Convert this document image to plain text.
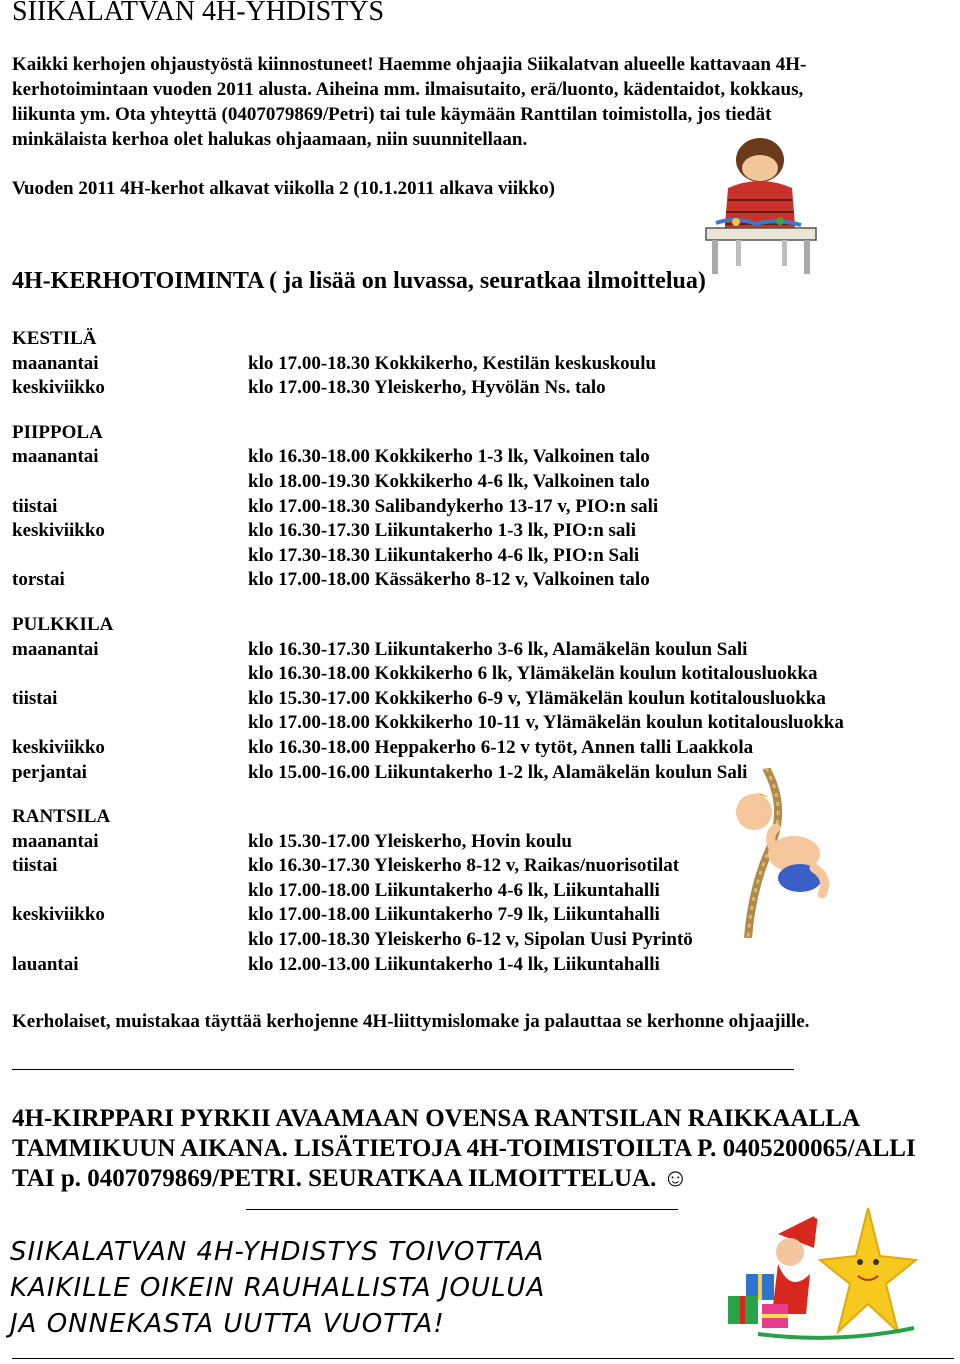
SIIKALATVAN 4H-YHDISTYS
Kaikki kerhojen ohjaustyöstä kiinnostuneet! Haemme ohjaajia Siikalatvan alueelle kattavaan 4H-
kerhotoimintaan vuoden 2011 alusta. Aiheina mm. ilmaisutaito, erä/luonto, kädentaidot, kokkaus,
liikunta ym. Ota yhteyttä (0407079869/Petri) tai tule käymään Ranttilan toimistolla, jos tiedät
minkälaista kerhoa olet halukas ohjaamaan, niin suunnitellaan.
Vuoden 2011 4H-kerhot alkavat viikolla 2 (10.1.2011 alkava viikko)
4H-KERHOTOIMINTA ( ja lisää on luvassa, seuratkaa ilmoittelua)
KESTILÄ
maanantai	klo 17.00-18.30 Kokkikerho, Kestilän keskuskoulu
keskiviikko	klo 17.00-18.30 Yleiskerho, Hyvölän Ns. talo
PIIPPOLA
maanantai	klo 16.30-18.00 Kokkikerho 1-3 lk, Valkoinen talo
klo 18.00-19.30 Kokkikerho 4-6 lk, Valkoinen talo
tiistai	klo 17.00-18.30 Salibandykerho 13-17 v, PIO:n sali
keskiviikko	klo 16.30-17.30 Liikuntakerho 1-3 lk, PIO:n sali
klo 17.30-18.30 Liikuntakerho 4-6 lk, PIO:n Sali
torstai	klo 17.00-18.00 Kässäkerho 8-12 v, Valkoinen talo
PULKKILA
maanantai	klo 16.30-17.30 Liikuntakerho 3-6 lk, Alamäkelän koulun Sali
klo 16.30-18.00 Kokkikerho 6 lk, Ylämäkelän koulun kotitalousluokka
tiistai	klo 15.30-17.00 Kokkikerho 6-9 v, Ylämäkelän koulun kotitalousluokka
klo 17.00-18.00 Kokkikerho 10-11 v, Ylämäkelän koulun kotitalousluokka
keskiviikko	klo 16.30-18.00 Heppakerho 6-12 v tytöt, Annen talli Laakkola
perjantai	klo 15.00-16.00 Liikuntakerho 1-2 lk, Alamäkelän koulun Sali
RANTSILA
maanantai	klo 15.30-17.00 Yleiskerho, Hovin koulu
tiistai	klo 16.30-17.30 Yleiskerho 8-12 v, Raikas/nuorisotilat
klo 17.00-18.00 Liikuntakerho 4-6 lk, Liikuntahalli
keskiviikko	klo 17.00-18.00 Liikuntakerho 7-9 lk, Liikuntahalli
klo 17.00-18.30 Yleiskerho 6-12 v, Sipolan Uusi Pyrintö
lauantai	klo 12.00-13.00 Liikuntakerho 1-4 lk, Liikuntahalli
Kerholaiset, muistakaa täyttää kerhojenne 4H-liittymislomake ja palauttaa se kerhonne ohjaajille.
4H-KIRPPARI PYRKII AVAAMAAN OVENSA RANTSILAN RAIKKAALLA
TAMMIKUUN AIKANA. LISÄTIETOJA 4H-TOIMISTOILTA P. 0405200065/ALLI
TAI p. 0407079869/PETRI. SEURATKAA ILMOITTELUA. ☺
SIIKALATVAN 4H-YHDISTYS TOIVOTTAA
KAIKILLE OIKEIN RAUHALLISTA JOULUA
JA ONNEKASTA UUTTA VUOTTA!
